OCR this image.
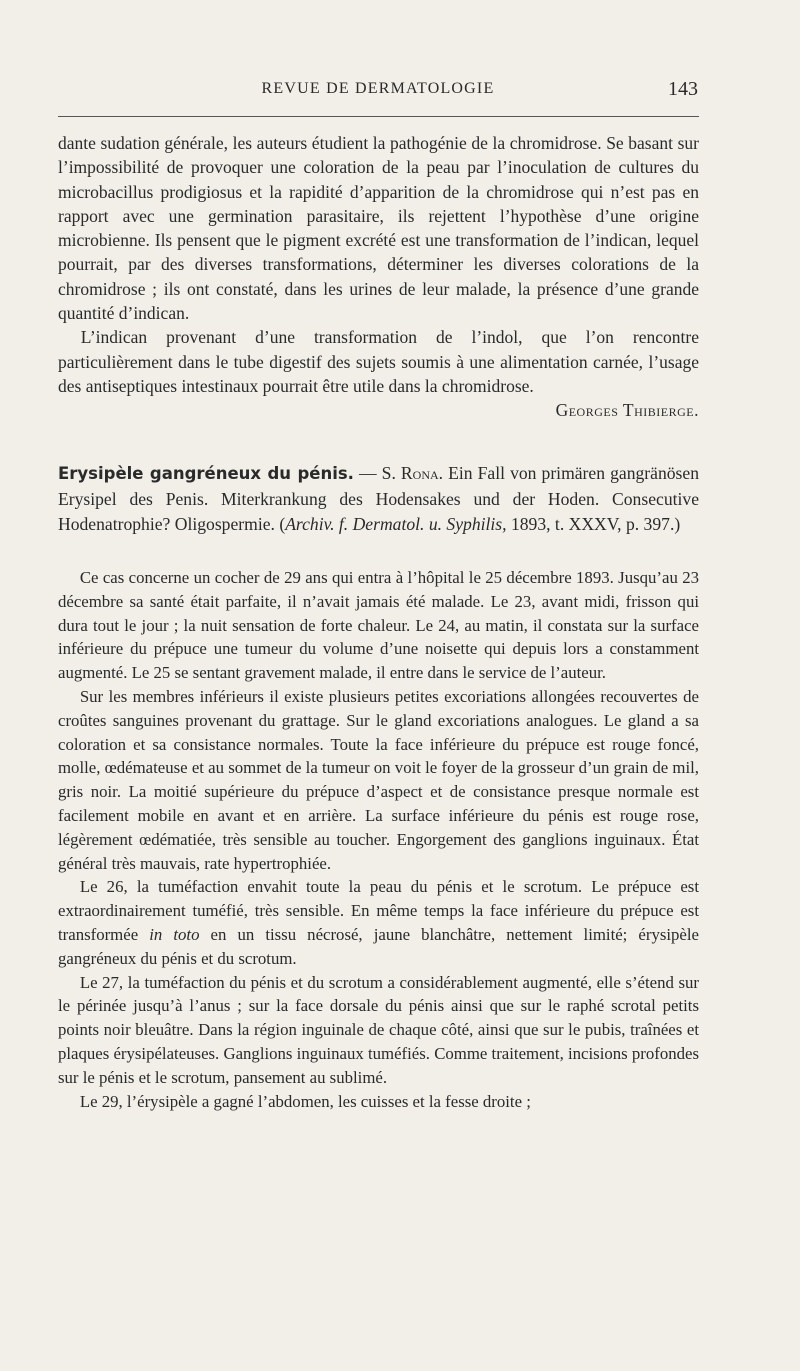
REVUE DE DERMATOLOGIE	143

dante sudation générale, les auteurs étudient la pathogénie de la chromidrose. Se basant sur l’impossibilité de provoquer une coloration de la peau par l’inoculation de cultures du microbacillus prodigiosus et la rapidité d’apparition de la chromidrose qui n’est pas en rapport avec une germination parasitaire, ils rejettent l’hypothèse d’une origine microbienne. Ils pensent que le pigment excrété est une transformation de l’indican, lequel pourrait, par des diverses transformations, déterminer les diverses colorations de la chromidrose ; ils ont constaté, dans les urines de leur malade, la présence d’une grande quantité d’indican.

L’indican provenant d’une transformation de l’indol, que l’on rencontre particulièrement dans le tube digestif des sujets soumis à une alimentation carnée, l’usage des antiseptiques intestinaux pourrait être utile dans la chromidrose.
Georges Thibierge.

Erysipèle gangréneux du pénis. — S. Rona. Ein Fall von primären gangränösen Erysipel des Penis. Miterkrankung des Hodensakes und der Hoden. Consecutive Hodenatrophie? Oligospermie. (Archiv. f. Dermatol. u. Syphilis, 1893, t. XXXV, p. 397.)

Ce cas concerne un cocher de 29 ans qui entra à l’hôpital le 25 décembre 1893. Jusqu’au 23 décembre sa santé était parfaite, il n’avait jamais été malade. Le 23, avant midi, frisson qui dura tout le jour ; la nuit sensation de forte chaleur. Le 24, au matin, il constata sur la surface inférieure du prépuce une tumeur du volume d’une noisette qui depuis lors a constamment augmenté. Le 25 se sentant gravement malade, il entre dans le service de l’auteur.

Sur les membres inférieurs il existe plusieurs petites excoriations allongées recouvertes de croûtes sanguines provenant du grattage. Sur le gland excoriations analogues. Le gland a sa coloration et sa consistance normales. Toute la face inférieure du prépuce est rouge foncé, molle, œdémateuse et au sommet de la tumeur on voit le foyer de la grosseur d’un grain de mil, gris noir. La moitié supérieure du prépuce d’aspect et de consistance presque normale est facilement mobile en avant et en arrière. La surface inférieure du pénis est rouge rose, légèrement œdématiée, très sensible au toucher. Engorgement des ganglions inguinaux. État général très mauvais, rate hypertrophiée.

Le 26, la tuméfaction envahit toute la peau du pénis et le scrotum. Le prépuce est extraordinairement tuméfié, très sensible. En même temps la face inférieure du prépuce est transformée in toto en un tissu nécrosé, jaune blanchâtre, nettement limité; érysipèle gangréneux du pénis et du scrotum.

Le 27, la tuméfaction du pénis et du scrotum a considérablement augmenté, elle s’étend sur le périnée jusqu’à l’anus ; sur la face dorsale du pénis ainsi que sur le raphé scrotal petits points noir bleuâtre. Dans la région inguinale de chaque côté, ainsi que sur le pubis, traînées et plaques érysipélateuses. Ganglions inguinaux tuméfiés. Comme traitement, incisions profondes sur le pénis et le scrotum, pansement au sublimé.

Le 29, l’érysipèle a gagné l’abdomen, les cuisses et la fesse droite ;
